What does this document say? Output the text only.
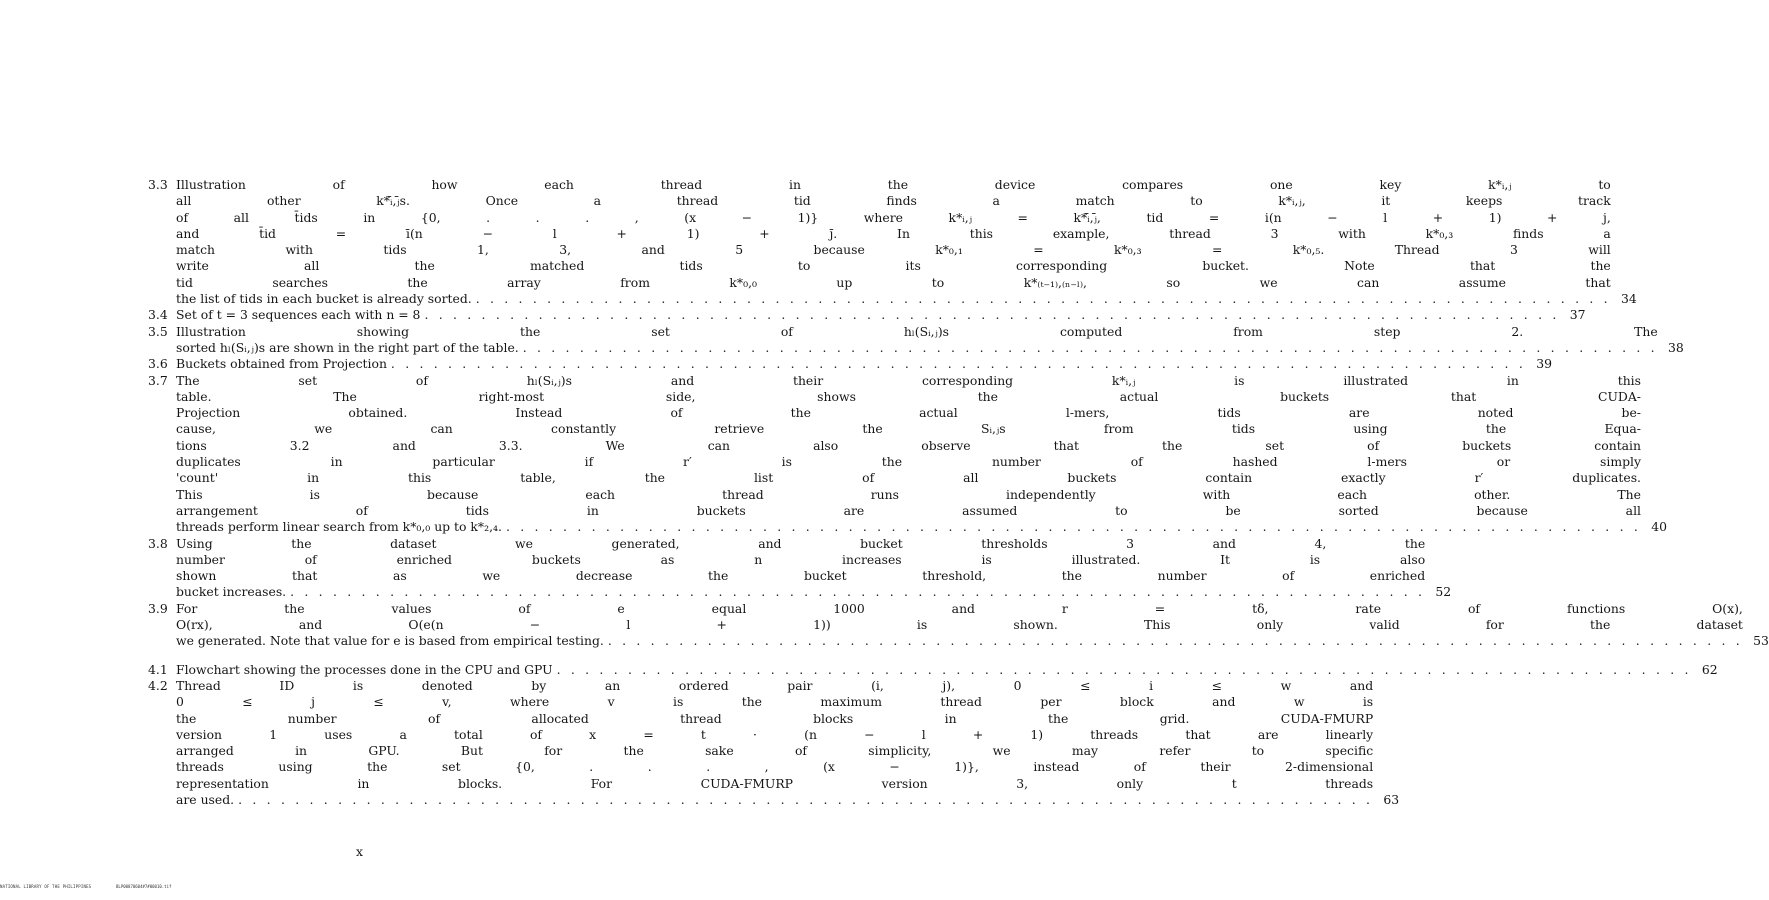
3.3 Illustration of how each thread in the device compares one key k*ᵢ,ⱼ to
all other k*ᵢ̄,ⱼ̄s. Once a thread tid finds a match to k*ᵢ,ⱼ, it keeps track
of all t̄ids in {0, . . . , (x − 1)} where k*ᵢ,ⱼ = k*ᵢ̄,ⱼ̄, tid = i(n − l + 1) + j,
and t̄id = ī(n − l + 1) + j̄. In this example, thread 3 with k*₀,₃ finds a
match with tids 1, 3, and 5 because k*₀,₁ = k*₀,₃ = k*₀,₅. Thread 3 will
write all the matched tids to its corresponding bucket. Note that the
tid searches the array from k*₀,₀ up to k*₍ₜ₋₁₎,₍ₙ₋ₗ₎, so we can assume that
the list of tids in each bucket is already sorted. . . . . . . . . . . . . . . . . . . . . . . . . . . . . . . . . . . . . . . . . . . . . . . . . . . . . . . . . . . . . . . . . . . . . . . . . . . . . . . . . 34
3.4 Set of t = 3 sequences each with n = 8 . . . . . . . . . . . . . . . . . . . . . . . . . . . . . . . . . . . . . . . . . . . . . . . . . . . . . . . . . . . . . . . . . . . . . . . . . . . . . . . . 37
3.5 Illustration showing the set of hₗ(Sᵢ,ⱼ)s computed from step 2. The
sorted hₗ(Sᵢ,ⱼ)s are shown in the right part of the table. . . . . . . . . . . . . . . . . . . . . . . . . . . . . . . . . . . . . . . . . . . . . . . . . . . . . . . . . . . . . . . . . . . . . . . . . . . . . . . . . 38
3.6 Buckets obtained from Projection . . . . . . . . . . . . . . . . . . . . . . . . . . . . . . . . . . . . . . . . . . . . . . . . . . . . . . . . . . . . . . . . . . . . . . . . . . . . . . . . 39
3.7 The set of hₗ(Sᵢ,ⱼ)s and their corresponding k*ᵢ,ⱼ is illustrated in this
table. The right-most side, shows the actual buckets that CUDA-
Projection obtained. Instead of the actual l-mers, tids are noted be-
cause, we can constantly retrieve the Sᵢ,ⱼs from tids using the Equa-
tions 3.2 and 3.3. We can also observe that the set of buckets contain
duplicates in particular if r′ is the number of hashed l-mers or simply
'count' in this table, the list of all buckets contain exactly r′ duplicates.
This is because each thread runs independently with each other. The
arrangement of tids in buckets are assumed to be sorted because all
threads perform linear search from k*₀,₀ up to k*₂,₄. . . . . . . . . . . . . . . . . . . . . . . . . . . . . . . . . . . . . . . . . . . . . . . . . . . . . . . . . . . . . . . . . . . . . . . . . . . . . . . . . 40
3.8 Using the dataset we generated, and bucket thresholds 3 and 4, the
number of enriched buckets as n increases is illustrated. It is also
shown that as we decrease the bucket threshold, the number of enriched
bucket increases. . . . . . . . . . . . . . . . . . . . . . . . . . . . . . . . . . . . . . . . . . . . . . . . . . . . . . . . . . . . . . . . . . . . . . . . . . . . . . . . . 52
3.9 For the values of e equal 1000 and r = tδ, rate of functions O(x),
O(rx), and O(e(n − l + 1)) is shown. This only valid for the dataset
we generated. Note that value for e is based from empirical testing. . . . . . . . . . . . . . . . . . . . . . . . . . . . . . . . . . . . . . . . . . . . . . . . . . . . . . . . . . . . . . . . . . . . . . . . . . . . . . . . . 53
4.1 Flowchart showing the processes done in the CPU and GPU . . . . . . . . . . . . . . . . . . . . . . . . . . . . . . . . . . . . . . . . . . . . . . . . . . . . . . . . . . . . . . . . . . . . . . . . . . . . . . . . 62
4.2 Thread ID is denoted by an ordered pair (i, j), 0 ≤ i ≤ w and
0 ≤ j ≤ v, where v is the maximum thread per block and w is
the number of allocated thread blocks in the grid. CUDA-FMURP
version 1 uses a total of x = t · (n − l + 1) threads that are linearly
arranged in GPU. But for the sake of simplicity, we may refer to specific
threads using the set {0, . . . , (x − 1)}, instead of their 2-dimensional
representation in blocks. For CUDA-FMURP version 3, only t threads
are used. . . . . . . . . . . . . . . . . . . . . . . . . . . . . . . . . . . . . . . . . . . . . . . . . . . . . . . . . . . . . . . . . . . . . . . . . . . . . . . . . 63
x
NATIONAL LIBRARY OF THE PHILIPPINES	BLP00870604#7#00010.tif
